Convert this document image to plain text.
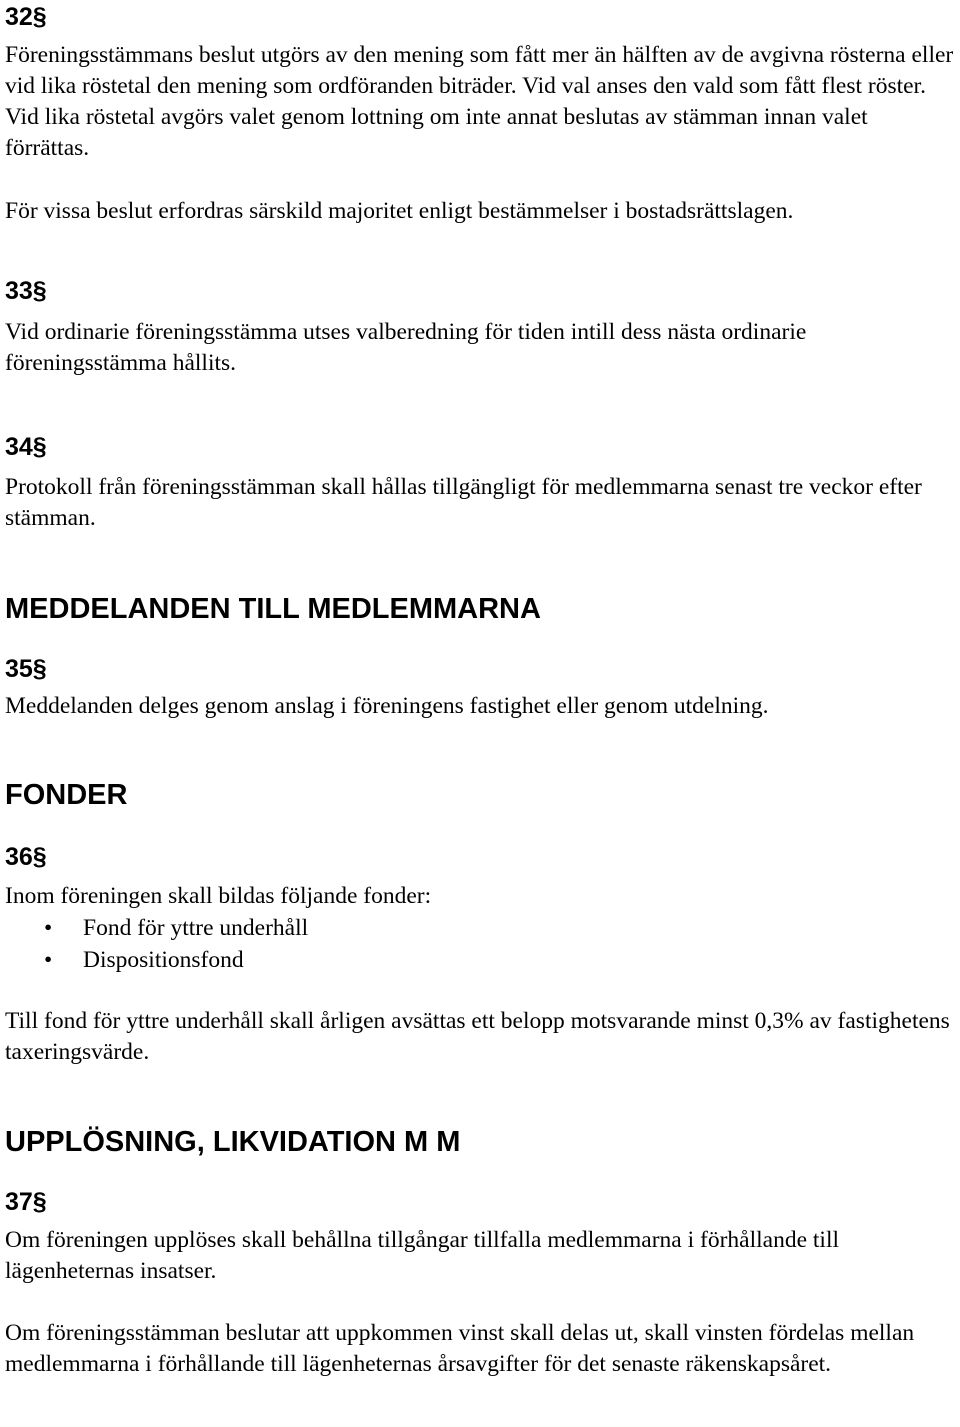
32§

Föreningsstämmans beslut utgörs av den mening som fått mer än hälften av de avgivna rösterna eller vid lika röstetal den mening som ordföranden biträder. Vid val anses den vald som fått flest röster. Vid lika röstetal avgörs valet genom lottning om inte annat beslutas av stämman innan valet förrättas.

För vissa beslut erfordras särskild majoritet enligt bestämmelser i bostadsrättslagen.

33§

Vid ordinarie föreningsstämma utses valberedning för tiden intill dess nästa ordinarie föreningsstämma hållits.

34§

Protokoll från föreningsstämman skall hållas tillgängligt för medlemmarna senast tre veckor efter stämman.

MEDDELANDEN TILL MEDLEMMARNA
35§

Meddelanden delges genom anslag i föreningens fastighet eller genom utdelning.

FONDER
36§

Inom föreningen skall bildas följande fonder:

• Fond för yttre underhåll
• Dispositionsfond

Till fond för yttre underhåll skall årligen avsättas ett belopp motsvarande minst 0,3% av fastighetens taxeringsvärde.

UPPLÖSNING, LIKVIDATION M M
37§

Om föreningen upplöses skall behållna tillgångar tillfalla medlemmarna i förhållande till lägenheternas insatser.

Om föreningsstämman beslutar att uppkommen vinst skall delas ut, skall vinsten fördelas mellan medlemmarna i förhållande till lägenheternas årsavgifter för det senaste räkenskapsåret.
